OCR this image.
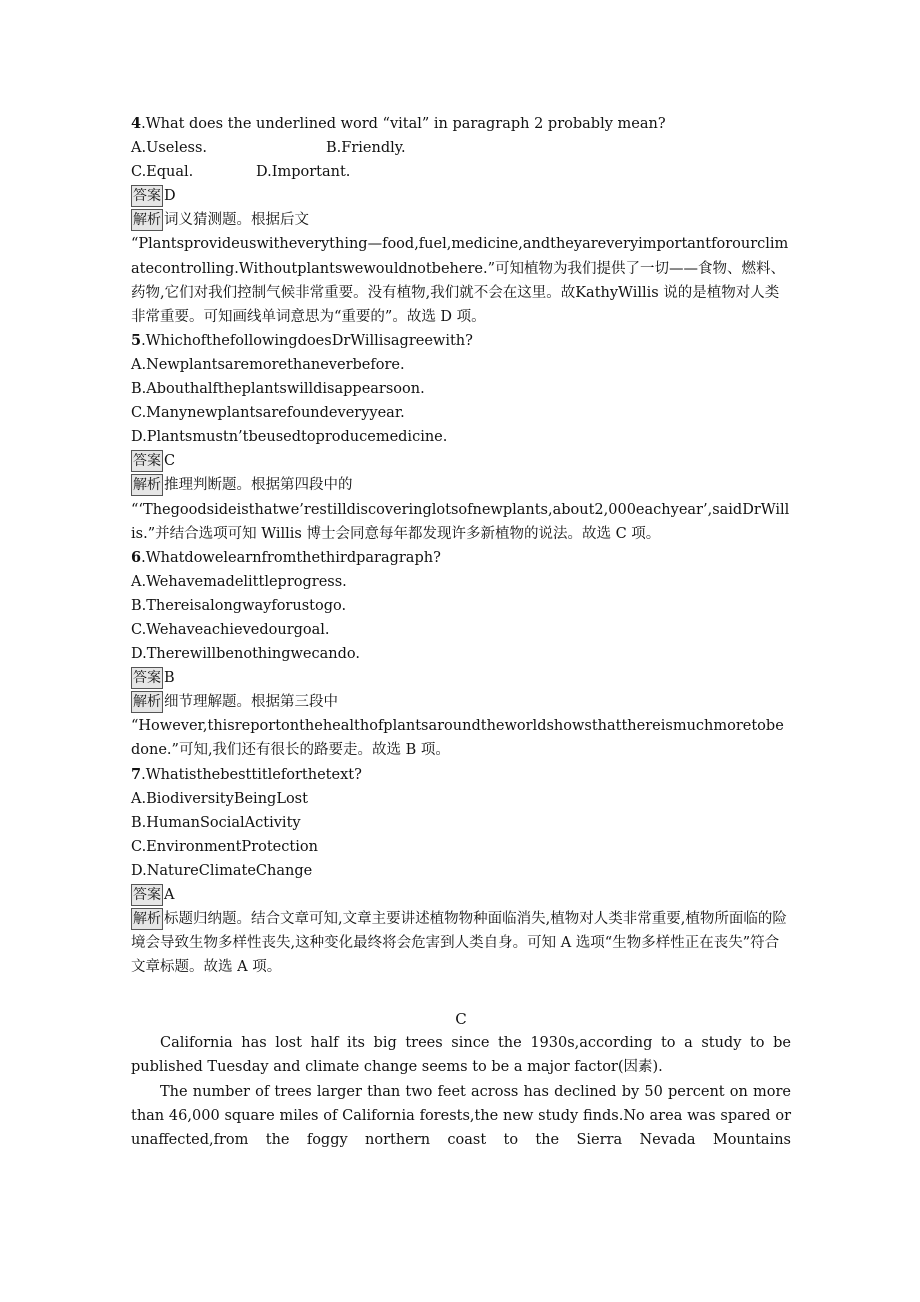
4.What does the underlined word “vital” in paragraph 2 probably mean?
A.Useless.	B.Friendly.
C.Equal.	D.Important.
答案 D
解析 词义猜测题。根据后文
“Plantsprovideuswitheverything—food,fuel,medicine,andtheyareveryimportantforourclimatecontrolling.Withoutplantswewouldnotbehere.”可知植物为我们提供了一切——食物、燃料、药物,它们对我们控制气候非常重要。没有植物,我们就不会在这里。故KathyWillis 说的是植物对人类非常重要。可知画线单词意思为“重要的”。故选 D 项。
5.WhichofthefollowingdoesDrWillisagreewith?
A.Newplantsaremorethaneverbefore.
B.Abouthalftheplantswilldisappearsoon.
C.Manynewplantsarefoundeveryyear.
D.Plantsmustn’tbeusedtoproducemedicine.
答案 C
解析 推理判断题。根据第四段中的
“‘Thegoodsideisthatwe’restilldiscoveringlotsofnewplants,about2,000eachyear’,saidDrWillis.”并结合选项可知 Willis 博士会同意每年都发现许多新植物的说法。故选 C 项。
6.Whatdowelearnfromthethirdparagraph?
A.Wehavemadelittleprogress.
B.Thereisalongwayforustogo.
C.Wehaveachievedourgoal.
D.Therewillbenothingwecando.
答案 B
解析 细节理解题。根据第三段中
“However,thisreportonthehealthofplantsaroundtheworldshowsthatthereismuchmoretobedone.”可知,我们还有很长的路要走。故选 B 项。
7.Whatisthebesttitleforthetext?
A.BiodiversityBeingLost
B.HumanSocialActivity
C.EnvironmentProtection
D.NatureClimateChange
答案 A
解析 标题归纳题。结合文章可知,文章主要讲述植物物种面临消失,植物对人类非常重要,植物所面临的险境会导致生物多样性丧失,这种变化最终将会危害到人类自身。可知 A 选项“生物多样性正在丧失”符合文章标题。故选 A 项。
C
California has lost half its big trees since the 1930s,according to a study to be published Tuesday and climate change seems to be a major factor(因素).
The number of trees larger than two feet across has declined by 50 percent on more than 46,000 square miles of California forests,the new study finds.No area was spared or unaffected,from the foggy northern coast to the Sierra Nevada Mountains
